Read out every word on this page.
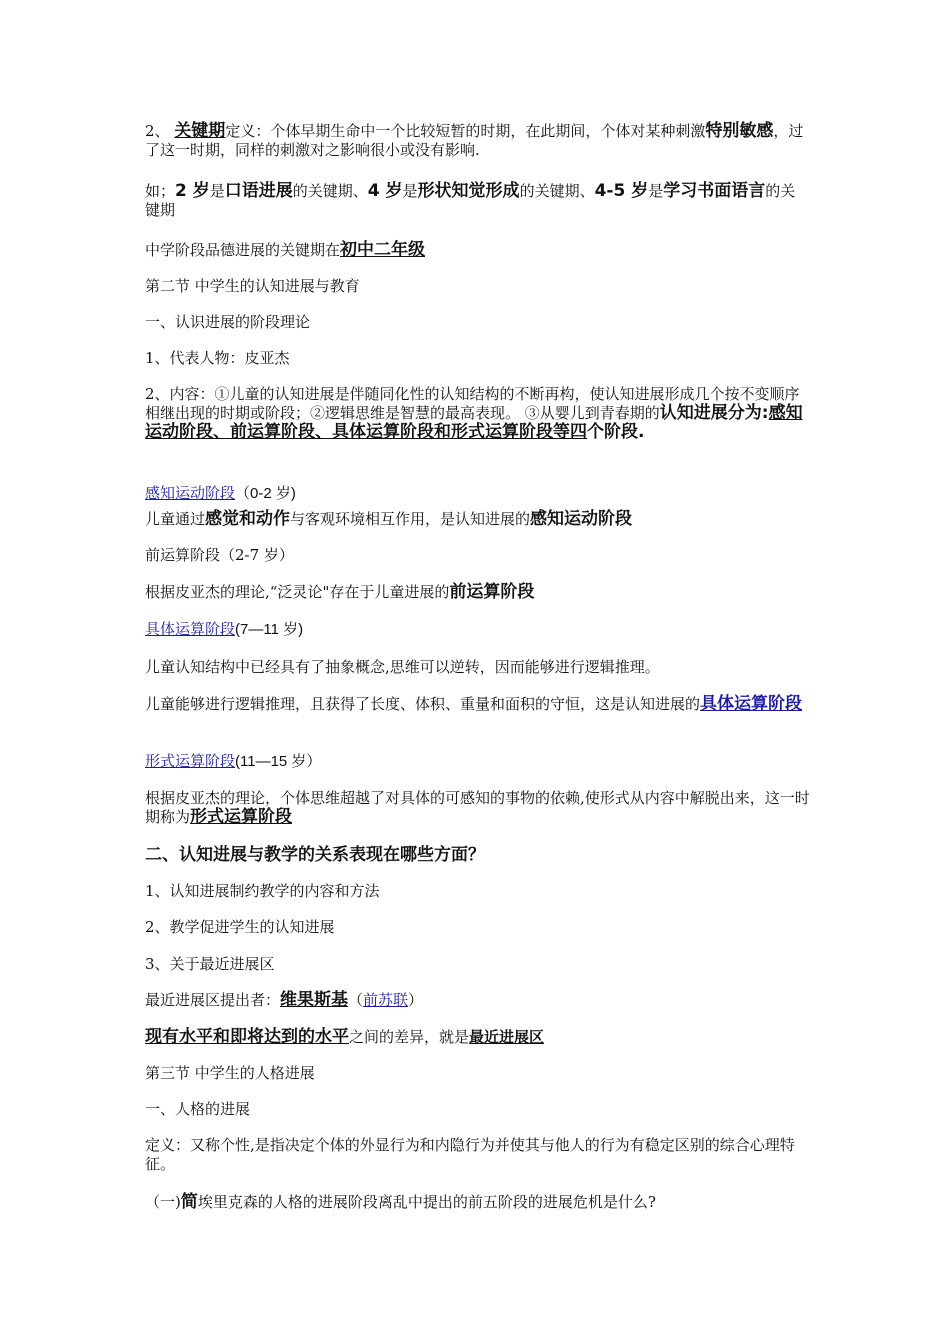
2、 关键期定义：个体早期生命中一个比较短暂的时期，在此期间，个体对某种刺激特别敏感，过了这一时期，同样的刺激对之影响很小或没有影响.

如；2 岁是口语进展的关键期、4 岁是形状知觉形成的关键期、4-5 岁是学习书面语言的关键期

中学阶段品德进展的关键期在初中二年级

第二节 中学生的认知进展与教育

一、认识进展的阶段理论

1、代表人物：皮亚杰

2、内容：①儿童的认知进展是伴随同化性的认知结构的不断再构，使认知进展形成几个按不变顺序相继出现的时期或阶段；②逻辑思维是智慧的最高表现。 ③从婴儿到青春期的认知进展分为:感知运动阶段、前运算阶段、具体运算阶段和形式运算阶段等四个阶段.

感知运动阶段（0-2 岁)

儿童通过感觉和动作与客观环境相互作用，是认知进展的感知运动阶段

前运算阶段（2-7 岁）

根据皮亚杰的理论,“泛灵论"存在于儿童进展的前运算阶段

具体运算阶段(7—11 岁)

儿童认知结构中已经具有了抽象概念,思维可以逆转，因而能够进行逻辑推理。

儿童能够进行逻辑推理，且获得了长度、体积、重量和面积的守恒，这是认知进展的具体运算阶段

形式运算阶段(11—15 岁）

根据皮亚杰的理论，个体思维超越了对具体的可感知的事物的依赖,使形式从内容中解脱出来，这一时期称为形式运算阶段

二、认知进展与教学的关系表现在哪些方面？

1、认知进展制约教学的内容和方法

2、教学促进学生的认知进展

3、关于最近进展区

最近进展区提出者：维果斯基（前苏联）

现有水平和即将达到的水平之间的差异，就是最近进展区

第三节 中学生的人格进展

一、人格的进展

定义：又称个性,是指决定个体的外显行为和内隐行为并使其与他人的行为有稳定区别的综合心理特征。

（一)简埃里克森的人格的进展阶段离乱中提出的前五阶段的进展危机是什么?
